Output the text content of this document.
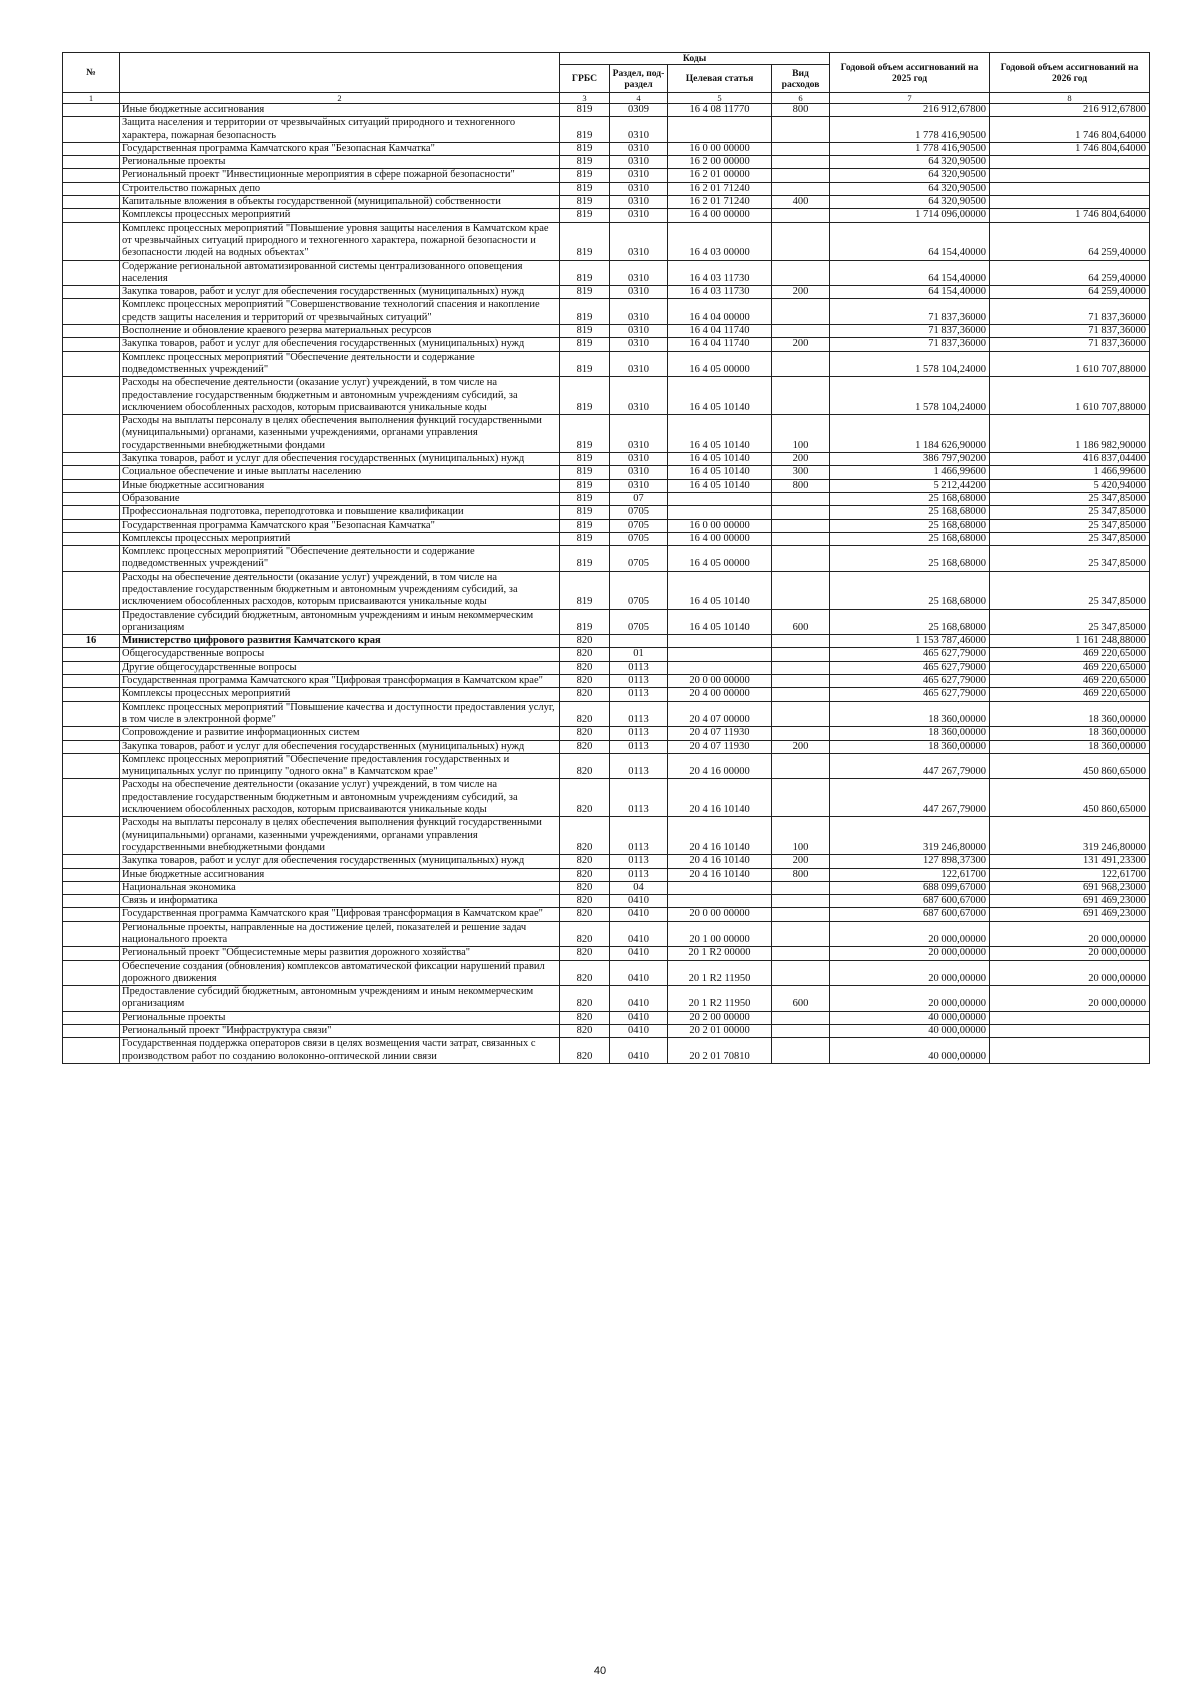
№		Коды				Годовой объем ассигнований на 2025 год	Годовой объем ассигнований на 2026 год
		ГРБС	Раздел, под-раздел	Целевая статья	Вид расходов		
1	2	3	4	5	6	7	8
	Иные бюджетные ассигнования	819	0309	16 4 08 11770	800	216 912,67800	216 912,67800
	Защита населения и территории от чрезвычайных ситуаций природного и техногенного характера, пожарная безопасность	819	0310			1 778 416,90500	1 746 804,64000
	Государственная программа Камчатского края "Безопасная Камчатка"	819	0310	16 0 00 00000		1 778 416,90500	1 746 804,64000
	Региональные проекты	819	0310	16 2 00 00000		64 320,90500	
	Региональный проект "Инвестиционные мероприятия в сфере пожарной безопасности"	819	0310	16 2 01 00000		64 320,90500	
	Строительство пожарных депо	819	0310	16 2 01 71240		64 320,90500	
	Капитальные вложения в объекты государственной (муниципальной) собственности	819	0310	16 2 01 71240	400	64 320,90500	
	Комплексы процессных мероприятий	819	0310	16 4 00 00000		1 714 096,00000	1 746 804,64000
	Комплекс процессных мероприятий "Повышение уровня защиты населения в Камчатском крае от чрезвычайных ситуаций природного и техногенного характера, пожарной безопасности и безопасности людей на водных объектах"	819	0310	16 4 03 00000		64 154,40000	64 259,40000
	Содержание региональной автоматизированной системы централизованного оповещения населения	819	0310	16 4 03 11730		64 154,40000	64 259,40000
	Закупка товаров, работ и услуг для обеспечения государственных (муниципальных) нужд	819	0310	16 4 03 11730	200	64 154,40000	64 259,40000
	Комплекс процессных мероприятий "Совершенствование технологий спасения и накопление средств защиты населения и территорий от чрезвычайных ситуаций"	819	0310	16 4 04 00000		71 837,36000	71 837,36000
	Восполнение и обновление краевого резерва материальных ресурсов	819	0310	16 4 04 11740		71 837,36000	71 837,36000
	Закупка товаров, работ и услуг для обеспечения государственных (муниципальных) нужд	819	0310	16 4 04 11740	200	71 837,36000	71 837,36000
	Комплекс процессных мероприятий "Обеспечение деятельности и содержание подведомственных учреждений"	819	0310	16 4 05 00000		1 578 104,24000	1 610 707,88000
	Расходы на обеспечение деятельности (оказание услуг) учреждений, в том числе на предоставление государственным бюджетным и автономным учреждениям субсидий, за исключением обособленных расходов, которым присваиваются уникальные коды	819	0310	16 4 05 10140		1 578 104,24000	1 610 707,88000
	Расходы на выплаты персоналу в целях обеспечения выполнения функций государственными (муниципальными) органами, казенными учреждениями, органами управления государственными внебюджетными фондами	819	0310	16 4 05 10140	100	1 184 626,90000	1 186 982,90000
	Закупка товаров, работ и услуг для обеспечения государственных (муниципальных) нужд	819	0310	16 4 05 10140	200	386 797,90200	416 837,04400
	Социальное обеспечение и иные выплаты населению	819	0310	16 4 05 10140	300	1 466,99600	1 466,99600
	Иные бюджетные ассигнования	819	0310	16 4 05 10140	800	5 212,44200	5 420,94000
	Образование	819	07			25 168,68000	25 347,85000
	Профессиональная подготовка, переподготовка и повышение квалификации	819	0705			25 168,68000	25 347,85000
	Государственная программа Камчатского края "Безопасная Камчатка"	819	0705	16 0 00 00000		25 168,68000	25 347,85000
	Комплексы процессных мероприятий	819	0705	16 4 00 00000		25 168,68000	25 347,85000
	Комплекс процессных мероприятий "Обеспечение деятельности и содержание подведомственных учреждений"	819	0705	16 4 05 00000		25 168,68000	25 347,85000
	Расходы на обеспечение деятельности (оказание услуг) учреждений, в том числе на предоставление государственным бюджетным и автономным учреждениям субсидий, за исключением обособленных расходов, которым присваиваются уникальные коды	819	0705	16 4 05 10140		25 168,68000	25 347,85000
	Предоставление субсидий бюджетным, автономным учреждениям и иным некоммерческим организациям	819	0705	16 4 05 10140	600	25 168,68000	25 347,85000
16	Министерство цифрового развития Камчатского края	820				1 153 787,46000	1 161 248,88000
	Общегосударственные вопросы	820	01			465 627,79000	469 220,65000
	Другие общегосударственные вопросы	820	0113			465 627,79000	469 220,65000
	Государственная программа Камчатского края "Цифровая трансформация в Камчатском крае"	820	0113	20 0 00 00000		465 627,79000	469 220,65000
	Комплексы процессных мероприятий	820	0113	20 4 00 00000		465 627,79000	469 220,65000
	Комплекс процессных мероприятий "Повышение качества и доступности предоставления услуг, в том числе в электронной форме"	820	0113	20 4 07 00000		18 360,00000	18 360,00000
	Сопровождение и развитие информационных систем	820	0113	20 4 07 11930		18 360,00000	18 360,00000
	Закупка товаров, работ и услуг для обеспечения государственных (муниципальных) нужд	820	0113	20 4 07 11930	200	18 360,00000	18 360,00000
	Комплекс процессных мероприятий "Обеспечение предоставления государственных и муниципальных услуг по принципу "одного окна" в Камчатском крае"	820	0113	20 4 16 00000		447 267,79000	450 860,65000
	Расходы на обеспечение деятельности (оказание услуг) учреждений, в том числе на предоставление государственным бюджетным и автономным учреждениям субсидий, за исключением обособленных расходов, которым присваиваются уникальные коды	820	0113	20 4 16 10140		447 267,79000	450 860,65000
	Расходы на выплаты персоналу в целях обеспечения выполнения функций государственными (муниципальными) органами, казенными учреждениями, органами управления государственными внебюджетными фондами	820	0113	20 4 16 10140	100	319 246,80000	319 246,80000
	Закупка товаров, работ и услуг для обеспечения государственных (муниципальных) нужд	820	0113	20 4 16 10140	200	127 898,37300	131 491,23300
	Иные бюджетные ассигнования	820	0113	20 4 16 10140	800	122,61700	122,61700
	Национальная экономика	820	04			688 099,67000	691 968,23000
	Связь и информатика	820	0410			687 600,67000	691 469,23000
	Государственная программа Камчатского края "Цифровая трансформация в Камчатском крае"	820	0410	20 0 00 00000		687 600,67000	691 469,23000
	Региональные проекты, направленные на достижение целей, показателей и решение задач национального проекта	820	0410	20 1 00 00000		20 000,00000	20 000,00000
	Региональный проект "Общесистемные меры развития дорожного хозяйства"	820	0410	20 1 R2 00000		20 000,00000	20 000,00000
	Обеспечение создания (обновления) комплексов автоматической фиксации нарушений правил дорожного движения	820	0410	20 1 R2 11950		20 000,00000	20 000,00000
	Предоставление субсидий бюджетным, автономным учреждениям и иным некоммерческим организациям	820	0410	20 1 R2 11950	600	20 000,00000	20 000,00000
	Региональные проекты	820	0410	20 2 00 00000		40 000,00000	
	Региональный проект "Инфраструктура связи"	820	0410	20 2 01 00000		40 000,00000	
	Государственная поддержка операторов связи в целях возмещения части затрат, связанных с производством работ по созданию волоконно-оптической линии связи	820	0410	20 2 01 70810		40 000,00000	
40
